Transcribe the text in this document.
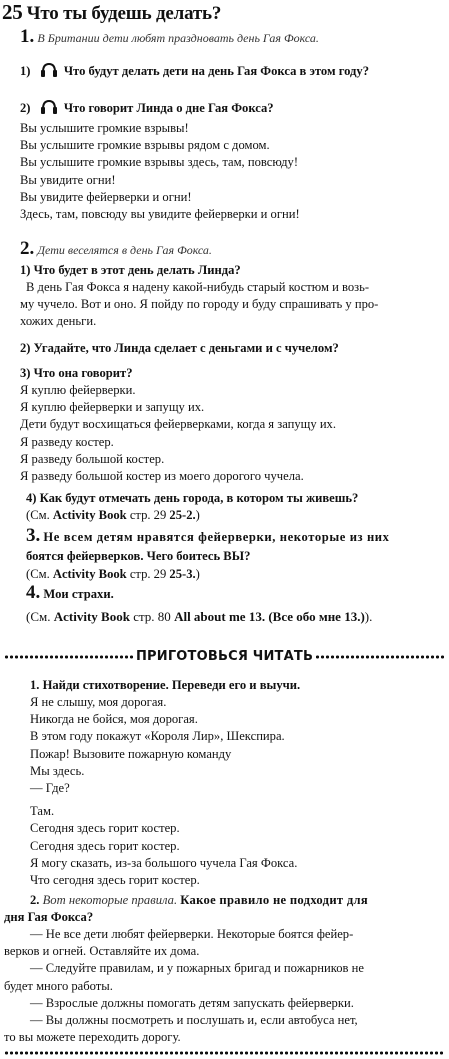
25 Что ты будешь делать?
1. В Британии дети любят праздновать день Гая Фокса.
1)	Что будут делать дети на день Гая Фокса в этом году?
2)	Что говорит Линда о дне Гая Фокса?
Вы услышите громкие взрывы!
Вы услышите громкие взрывы рядом с домом.
Вы услышите громкие взрывы здесь, там, повсюду!
Вы увидите огни!
Вы увидите фейерверки и огни!
Здесь, там, повсюду вы увидите фейерверки и огни!
2. Дети веселятся в день Гая Фокса.
1) Что будет в этот день делать Линда?
В день Гая Фокса я надену какой-нибудь старый костюм и возь-
му чучело. Вот и оно. Я пойду по городу и буду спрашивать у про-
хожих деньги.
2) Угадайте, что Линда сделает с деньгами и с чучелом?
3) Что она говорит?
Я куплю фейерверки.
Я куплю фейерверки и запущу их.
Дети будут восхищаться фейерверками, когда я запущу их.
Я разведу костер.
Я разведу большой костер.
Я разведу большой костер из моего дорогого чучела.
4) Как будут отмечать день города, в котором ты живешь?
(См. Activity Book стр. 29 25-2.)
3. Не всем детям нравятся фейерверки, некоторые из них
боятся фейерверков. Чего боитесь ВЫ?
(См. Activity Book стр. 29 25-3.)
4. Мои страхи.
(См. Activity Book стр. 80 All about me 13. (Все обо мне 13.)).
ПРИГОТОВЬСЯ ЧИТАТЬ
1. Найди стихотворение. Переведи его и выучи.
Я не слышу, моя дорогая.
Никогда не бойся, моя дорогая.
В этом году покажут «Короля Лир», Шекспира.
Пожар! Вызовите пожарную команду
Мы здесь.
— Где?
Там.
Сегодня здесь горит костер.
Сегодня здесь горит костер.
Я могу сказать, из-за большого чучела Гая Фокса.
Что сегодня здесь горит костер.
2. Вот некоторые правила. Какое правило не подходит для
дня Гая Фокса?
— Не все дети любят фейерверки. Некоторые боятся фейер-
верков и огней. Оставляйте их дома.
— Следуйте правилам, и у пожарных бригад и пожарников не
будет много работы.
— Взрослые должны помогать детям запускать фейерверки.
— Вы должны посмотреть и послушать и, если автобуса нет,
то вы можете переходить дорогу.
